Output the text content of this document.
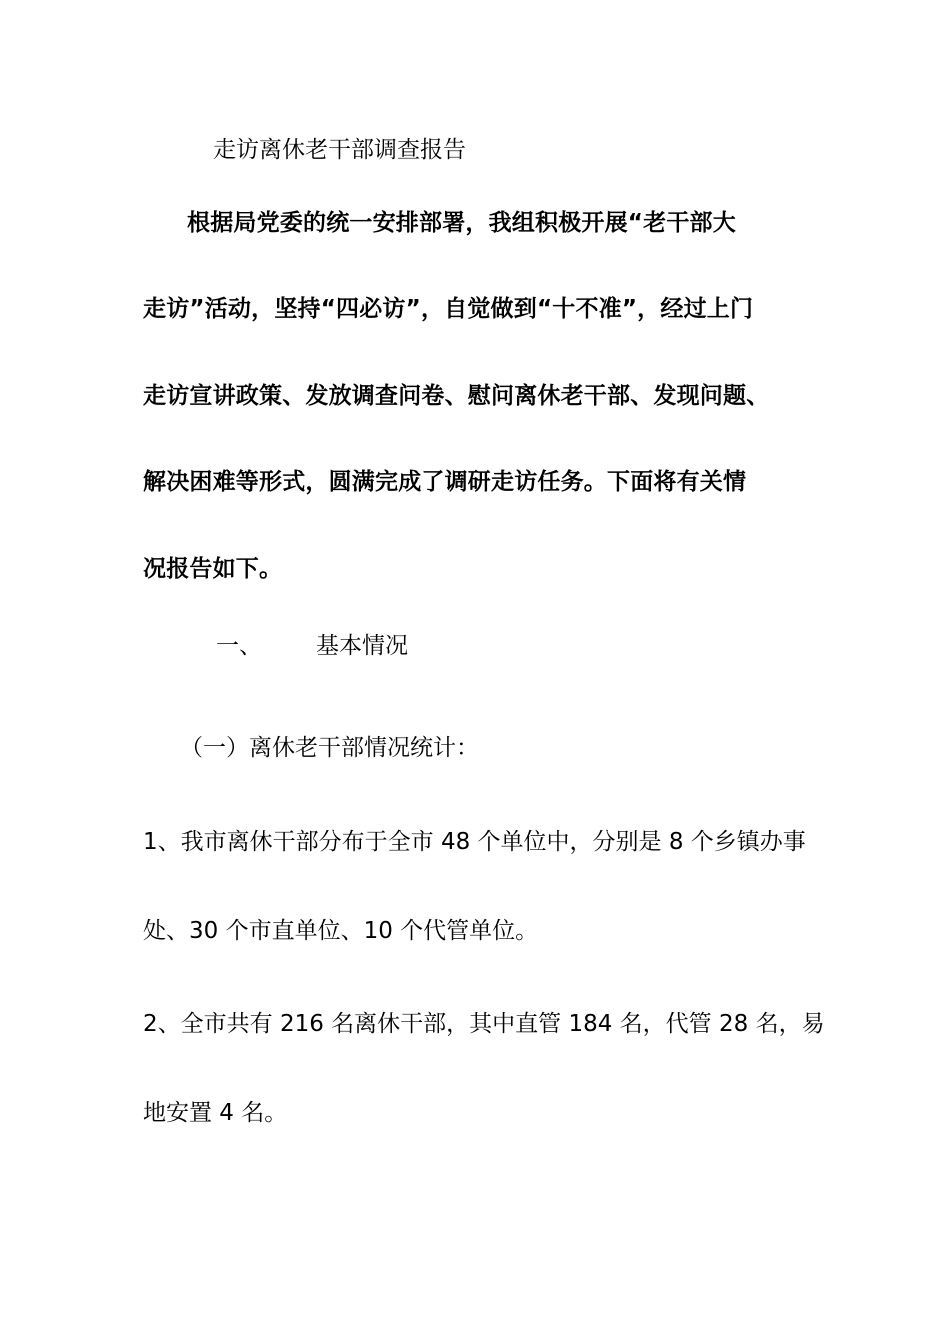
走访离休老干部调查报告
根据局党委的统一安排部署，我组积极开展“老干部大
走访”活动，坚持“四必访”，自觉做到“十不准”，经过上门
走访宣讲政策、发放调查问卷、慰问离休老干部、发现问题、
解决困难等形式，圆满完成了调研走访任务。下面将有关情
况报告如下。
一、 基本情况
（一）离休老干部情况统计：
1、我市离休干部分布于全市 48 个单位中，分别是 8 个乡镇办事
处、30 个市直单位、10 个代管单位。
2、全市共有 216 名离休干部，其中直管 184 名，代管 28 名，易
地安置 4 名。
